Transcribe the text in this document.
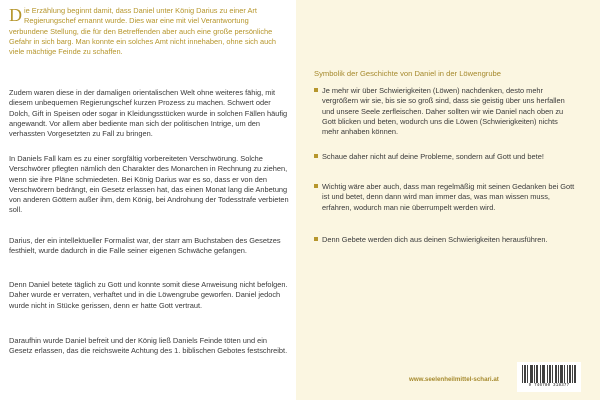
Die Erzählung beginnt damit, dass Daniel unter König Darius zu einer Art Regierungschef ernannt wurde. Dies war eine mit viel Verantwortung verbundene Stellung, die für den Betreffenden aber auch eine große persönliche Gefahr in sich barg. Man konnte ein solches Amt nicht innehaben, ohne sich auch viele mächtige Feinde zu schaffen.
Zudem waren diese in der damaligen orientalischen Welt ohne weiteres fähig, mit diesem unbequemen Regierungschef kurzen Prozess zu machen. Schwert oder Dolch, Gift in Speisen oder sogar in Kleidungsstücken wurde in solchen Fällen häufig angewandt. Vor allem aber bediente man sich der politischen Intrige, um den verhassten Vorgesetzten zu Fall zu bringen.
In Daniels Fall kam es zu einer sorgfältig vorbereiteten Verschwörung. Solche Verschwörer pflegten nämlich den Charakter des Monarchen in Rechnung zu ziehen, wenn sie ihre Pläne schmiedeten. Bei König Darius war es so, dass er von den Verschwörern bedrängt, ein Gesetz erlassen hat, das einen Monat lang die Anbetung von anderen Göttern außer ihm, dem König, bei Androhung der Todesstrafe verbieten soll.
Darius, der ein intellektueller Formalist war, der starr am Buchstaben des Gesetzes festhielt, wurde dadurch in die Falle seiner eigenen Schwäche gefangen.
Denn Daniel betete täglich zu Gott und konnte somit diese Anweisung nicht befolgen. Daher wurde er verraten, verhaftet und in die Löwengrube geworfen. Daniel jedoch wurde nicht in Stücke gerissen, denn er hatte Gott vertraut.
Daraufhin wurde Daniel befreit und der König ließ Daniels Feinde töten und ein Gesetz erlassen, das die reichsweite Achtung des 1. biblischen Gebotes festschreibt.
Symbolik der Geschichte von Daniel in der Löwengrube
Je mehr wir über Schwierigkeiten (Löwen) nachdenken, desto mehr vergrößern wir sie, bis sie so groß sind, dass sie geistig über uns herfallen und unsere Seele zerfleischen. Daher sollten wir wie Daniel nach oben zu Gott blicken und beten, wodurch uns die Löwen (Schwierigkeiten) nichts mehr anhaben können.
Schaue daher nicht auf deine Probleme, sondern auf Gott und bete!
Wichtig wäre aber auch, dass man regelmäßig mit seinen Gedanken bei Gott ist und betet, denn dann wird man immer das, was man wissen muss, erfahren, wodurch man nie überrumpelt werden wird.
Denn Gebete werden dich aus deinen Schwierigkeiten herausführen.
www.seelenheilmittel-schari.at
9 746780 318377
